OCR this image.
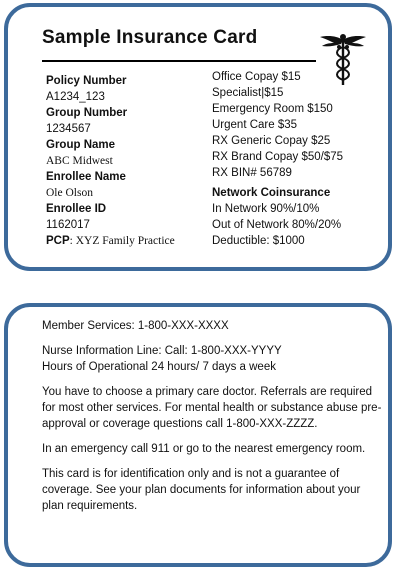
Sample Insurance Card
Policy Number
A1234_123
Group Number
1234567
Group Name
ABC Midwest
Enrollee Name
Ole Olson
Enrollee ID
1162017
PCP: XYZ Family Practice
Office Copay $15
Specialist|$15
Emergency Room $150
Urgent Care $35
RX Generic Copay $25
RX Brand Copay $50/$75
RX BIN# 56789
Network Coinsurance
In Network 90%/10%
Out of Network 80%/20%
Deductible: $1000

Member Services: 1-800-XXX-XXXX

Nurse Information Line: Call: 1-800-XXX-YYYY

Hours of Operational 24 hours/ 7 days a week

You have to choose a primary care doctor. Referrals are required for most other services. For mental health or substance abuse pre-approval or coverage questions call 1-800-XXX-ZZZZ.

In an emergency call 911 or go to the nearest emergency room.

This card is for identification only and is not a guarantee of coverage. See your plan documents for information about your plan requirements.
